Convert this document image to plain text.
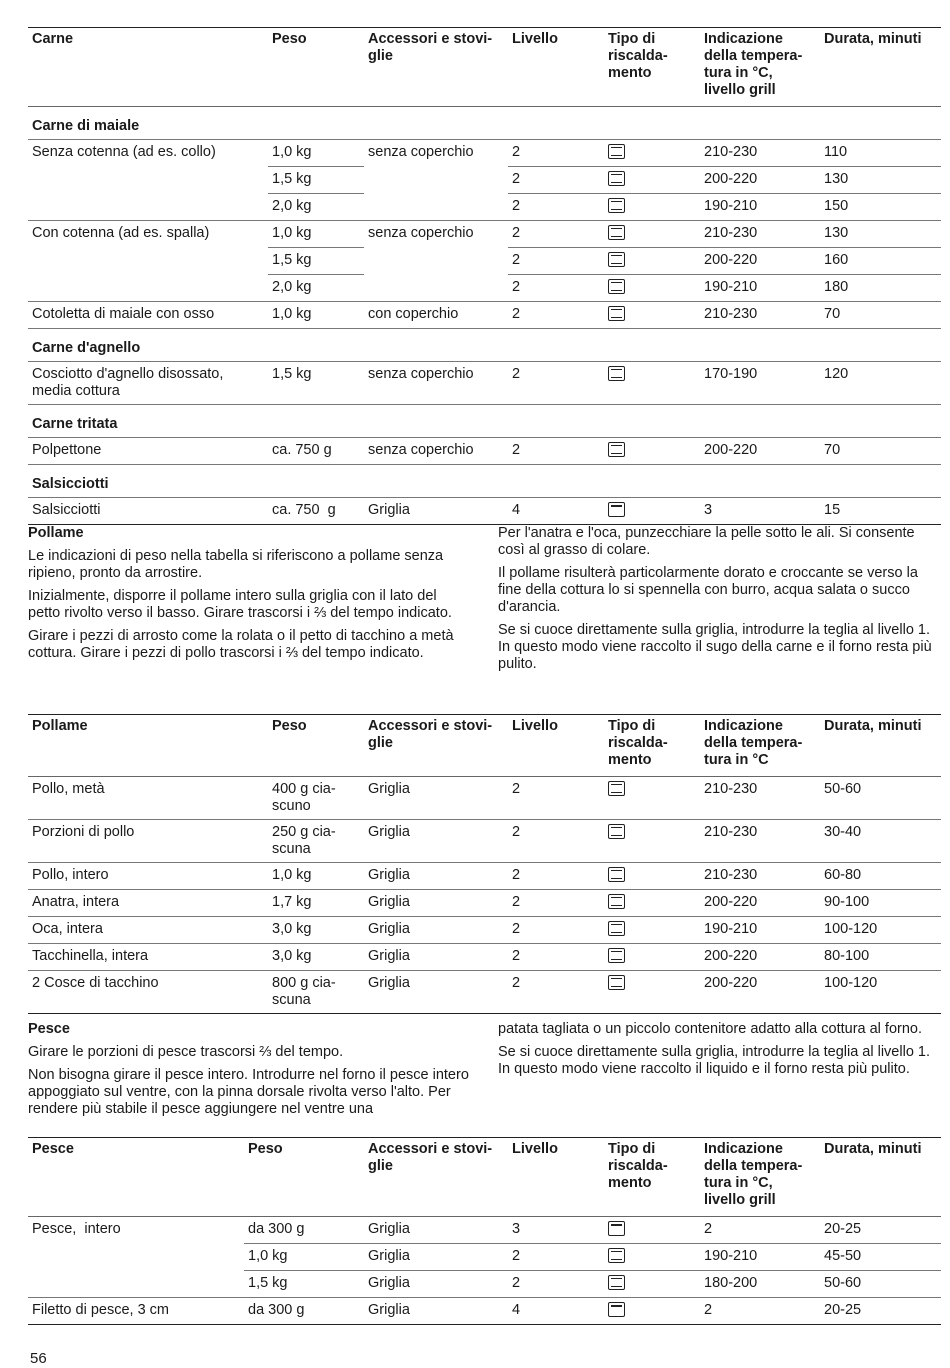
Carne	Peso	Accessori e stovi-glie	Livello	Tipo di riscalda-mento	Indicazione della tempera-tura in °C, livello grill	Durata, minuti
Carne di maiale						
Senza cotenna (ad es. collo)	1,0 kg	senza coperchio	2		210-230	110
	1,5 kg		2		200-220	130
	2,0 kg		2		190-210	150
Con cotenna (ad es. spalla)	1,0 kg	senza coperchio	2		210-230	130
	1,5 kg		2		200-220	160
	2,0 kg		2		190-210	180
Cotoletta di maiale con osso	1,0 kg	con coperchio	2		210-230	70
Carne d'agnello						
Cosciotto d'agnello disossato, media cottura	1,5 kg	senza coperchio	2		170-190	120
Carne tritata						
Polpettone	ca. 750 g	senza coperchio	2		200-220	70
Salsicciotti						
Salsicciotti	ca. 750  g	Griglia	4		3	15
Pollame

Le indicazioni di peso nella tabella si riferiscono a pollame senza ripieno, pronto da arrostire.

Inizialmente, disporre il pollame intero sulla griglia con il lato del petto rivolto verso il basso. Girare trascorsi i ⅔ del tempo indicato.

Girare i pezzi di arrosto come la rolata o il petto di tacchino a metà cottura. Girare i pezzi di pollo trascorsi i ⅔ del tempo indicato.

Per l'anatra e l'oca, punzecchiare la pelle sotto le ali. Si consente così al grasso di colare.

Il pollame risulterà particolarmente dorato e croccante se verso la fine della cottura lo si spennella con burro, acqua salata o succo d'arancia.

Se si cuoce direttamente sulla griglia, introdurre la teglia al livello 1. In questo modo viene raccolto il sugo della carne e il forno resta più pulito.

Pollame	Peso	Accessori e stovi-glie	Livello	Tipo di riscalda-mento	Indicazione della tempera-tura in °C	Durata, minuti
Pollo, metà	400 g cia-scuno	Griglia	2		210-230	50-60
Porzioni di pollo	250 g cia-scuna	Griglia	2		210-230	30-40
Pollo, intero	1,0 kg	Griglia	2		210-230	60-80
Anatra, intera	1,7 kg	Griglia	2		200-220	90-100
Oca, intera	3,0 kg	Griglia	2		190-210	100-120
Tacchinella, intera	3,0 kg	Griglia	2		200-220	80-100
2 Cosce di tacchino	800 g cia-scuna	Griglia	2		200-220	100-120
Pesce

Girare le porzioni di pesce trascorsi ⅔ del tempo.

Non bisogna girare il pesce intero. Introdurre nel forno il pesce intero appoggiato sul ventre, con la pinna dorsale rivolta verso l'alto. Per rendere più stabile il pesce aggiungere nel ventre una

patata tagliata o un piccolo contenitore adatto alla cottura al forno.

Se si cuoce direttamente sulla griglia, introdurre la teglia al livello 1. In questo modo viene raccolto il liquido e il forno resta più pulito.

Pesce	Peso	Accessori e stovi-glie	Livello	Tipo di riscalda-mento	Indicazione della tempera-tura in °C, livello grill	Durata, minuti
Pesce,  intero	da 300 g	Griglia	3		2	20-25
	1,0 kg	Griglia	2		190-210	45-50
	1,5 kg	Griglia	2		180-200	50-60
Filetto di pesce, 3 cm	da 300 g	Griglia	4		2	20-25
56
